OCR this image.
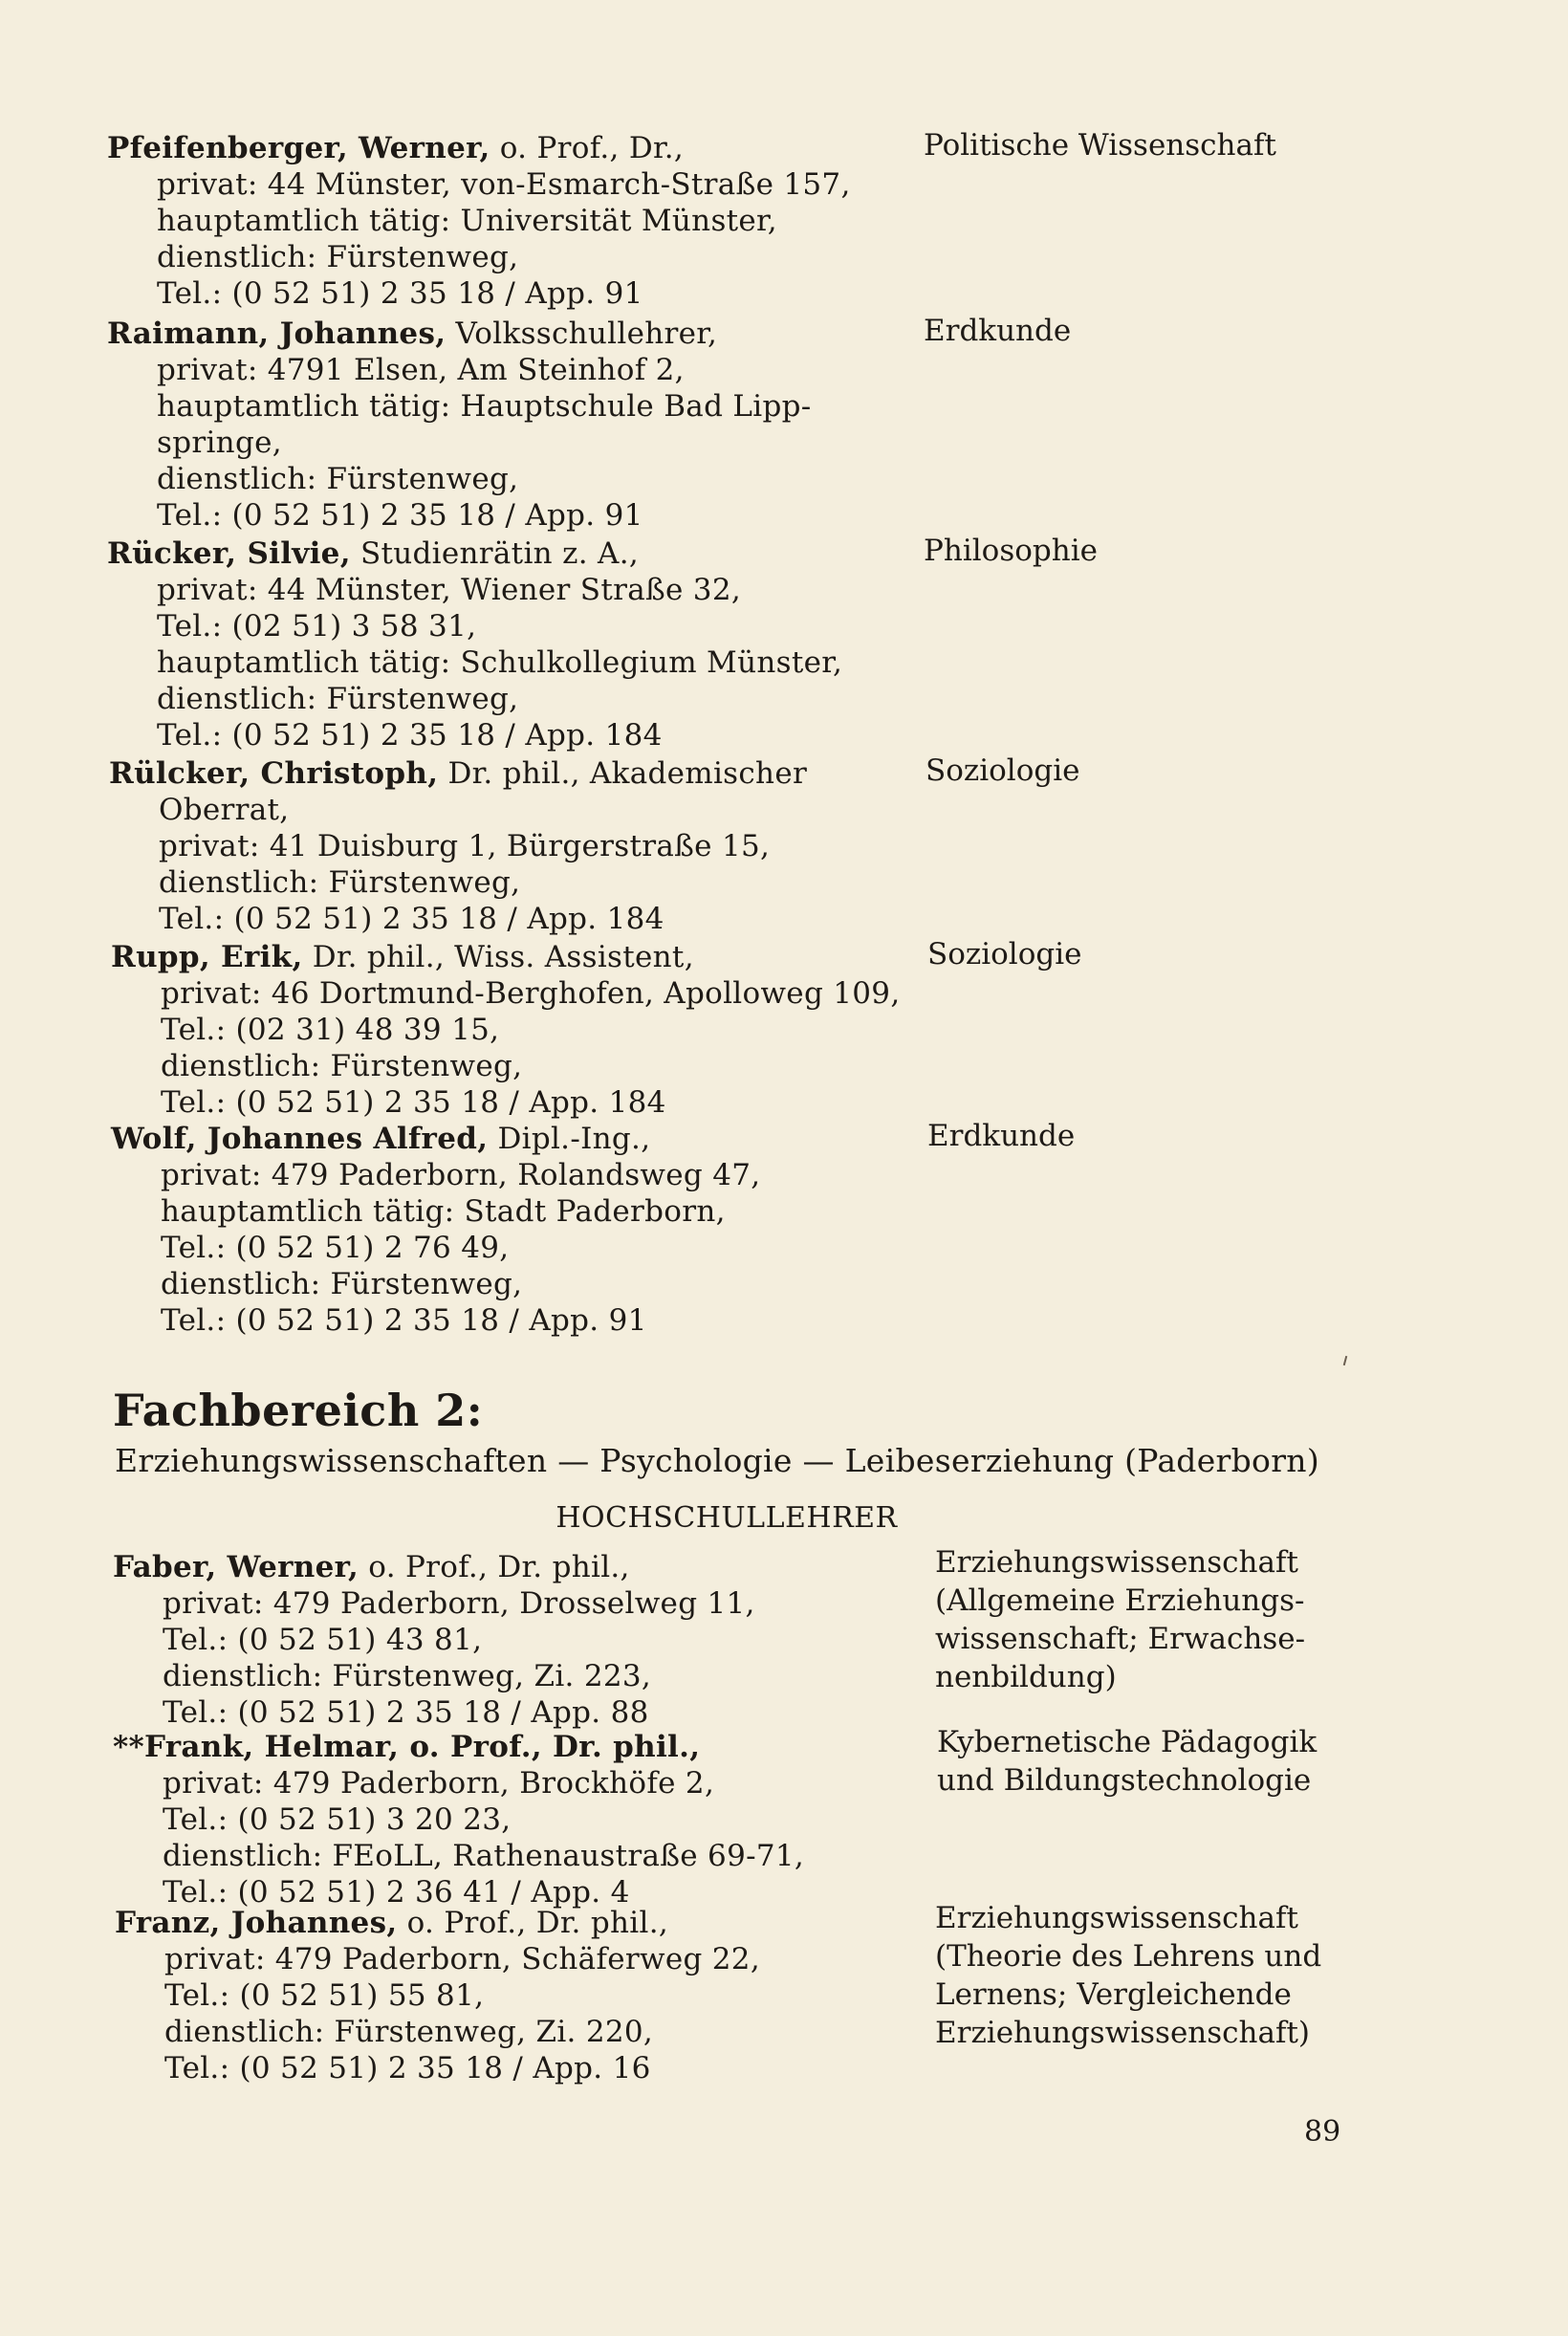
Pfeifenberger, Werner, o. Prof., Dr.,
privat: 44 Münster, von-Esmarch-Straße 157,
hauptamtlich tätig: Universität Münster,
dienstlich: Fürstenweg,
Tel.: (0 52 51) 2 35 18 / App. 91
Politische Wissenschaft
Raimann, Johannes, Volksschullehrer,
privat: 4791 Elsen, Am Steinhof 2,
hauptamtlich tätig: Hauptschule Bad Lipp-
springe,
dienstlich: Fürstenweg,
Tel.: (0 52 51) 2 35 18 / App. 91
Erdkunde
Rücker, Silvie, Studienrätin z. A.,
privat: 44 Münster, Wiener Straße 32,
Tel.: (02 51) 3 58 31,
hauptamtlich tätig: Schulkollegium Münster,
dienstlich: Fürstenweg,
Tel.: (0 52 51) 2 35 18 / App. 184
Philosophie
Rülcker, Christoph, Dr. phil., Akademischer
Oberrat,
privat: 41 Duisburg 1, Bürgerstraße 15,
dienstlich: Fürstenweg,
Tel.: (0 52 51) 2 35 18 / App. 184
Soziologie
Rupp, Erik, Dr. phil., Wiss. Assistent,
privat: 46 Dortmund-Berghofen, Apolloweg 109,
Tel.: (02 31) 48 39 15,
dienstlich: Fürstenweg,
Tel.: (0 52 51) 2 35 18 / App. 184
Soziologie
Wolf, Johannes Alfred, Dipl.-Ing.,
privat: 479 Paderborn, Rolandsweg 47,
hauptamtlich tätig: Stadt Paderborn,
Tel.: (0 52 51) 2 76 49,
dienstlich: Fürstenweg,
Tel.: (0 52 51) 2 35 18 / App. 91
Erdkunde
Fachbereich 2:
Erziehungswissenschaften — Psychologie — Leibeserziehung (Paderborn)
HOCHSCHULLEHRER
Faber, Werner, o. Prof., Dr. phil.,
privat: 479 Paderborn, Drosselweg 11,
Tel.: (0 52 51) 43 81,
dienstlich: Fürstenweg, Zi. 223,
Tel.: (0 52 51) 2 35 18 / App. 88
Erziehungswissenschaft
(Allgemeine Erziehungs-
wissenschaft; Erwachse-
nenbildung)
**Frank, Helmar, o. Prof., Dr. phil.,
privat: 479 Paderborn, Brockhöfe 2,
Tel.: (0 52 51) 3 20 23,
dienstlich: FEoLL, Rathenaustraße 69-71,
Tel.: (0 52 51) 2 36 41 / App. 4
Kybernetische Pädagogik
und Bildungstechnologie
Franz, Johannes, o. Prof., Dr. phil.,
privat: 479 Paderborn, Schäferweg 22,
Tel.: (0 52 51) 55 81,
dienstlich: Fürstenweg, Zi. 220,
Tel.: (0 52 51) 2 35 18 / App. 16
Erziehungswissenschaft
(Theorie des Lehrens und
Lernens; Vergleichende
Erziehungswissenschaft)
89
